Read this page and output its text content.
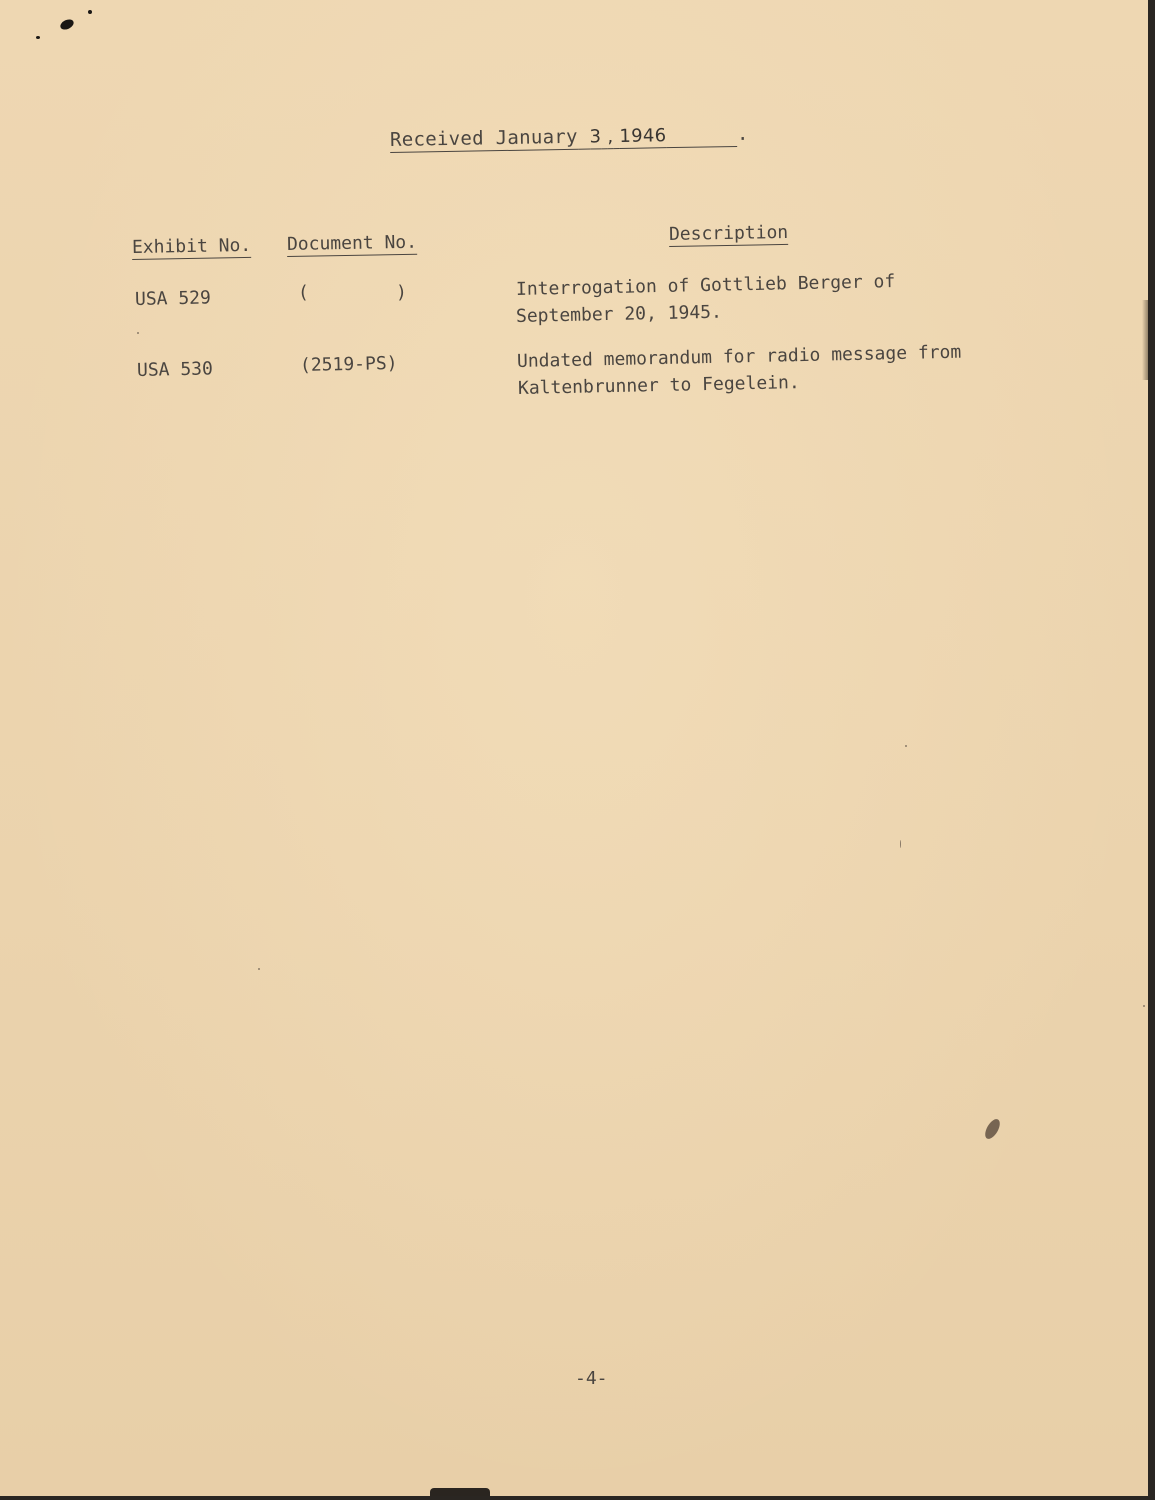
Received January 3 , 1946	.
Exhibit No. Document No.	Description
USA 529	(	)	Interrogation of Gottlieb Berger of
September 20, 1945.
USA 530	(2519-PS)	Undated memorandum for radio message from
Kaltenbrunner to Fegelein.
-4-
